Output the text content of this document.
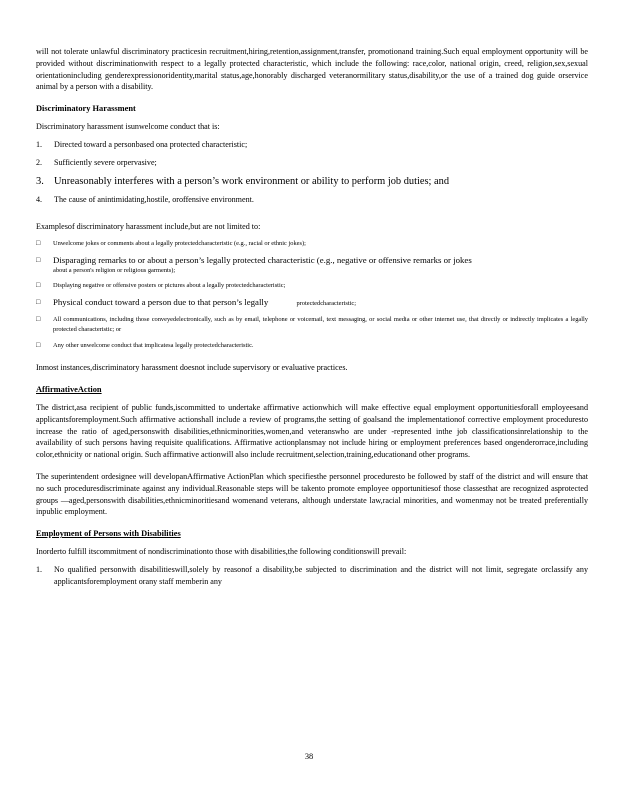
will not tolerate unlawful discriminatory practicesin recruitment,hiring,retention,assignment,transfer, promotionand training.Such equal employment opportunity will be provided without discriminationwith respect to a legally protected characteristic, which include the following: race,color, national origin, creed, religion,sex,sexual orientationincluding genderexpressionoridentity,marital status,age,honorably discharged veteranormilitary status,disability,or the use of a trained dog guide orservice animal by a person with a disability.

Discriminatory Harassment

Discriminatory harassment isunwelcome conduct that is:

1.	Directed toward a personbased ona protected characteristic;
2.	Sufficiently severe orpervasive;
3. Unreasonably interferes with a person’s work environment or ability to perform job duties; and
4.	The cause of anintimidating,hostile, oroffensive environment.

Examplesof discriminatory harassment include,but are not limited to:

□	Unwelcome jokes or comments about a legally protectedcharacteristic (e.g., racial or ethnic jokes);
□	Disparaging remarks to or about a person’s legally protected characteristic (e.g., negative or offensive remarks or jokes
about a person's religion or religious garments);
□	Displaying negative or offensive posters or pictures about a legally protectedcharacteristic;
□	Physical conduct toward a person due to that person’s legally	protectedcharacteristic;
□	All communications, including those conveyedelectronically, such as by email, telephone or voicemail, text messaging, or social media or other internet use, that directly or indirectly implicates a legally protected characteristic; or
□	Any other unwelcome conduct that implicatesa legally protectedcharacteristic.

Inmost instances,discriminatory harassment doesnot include supervisory or evaluative practices.

AffirmativeAction

The district,asa recipient of public funds,iscommitted to undertake affirmative actionwhich will make effective equal employment opportunitiesforall employeesand applicantsforemployment.Such affirmative actionshall include a review of programs,the setting of goalsand the implementationof corrective employment proceduresto increase the ratio of aged,personswith disabilities,ethnicminorities,women,and veteranswho are under -represented inthe job classificationsinrelationship to the availability of such persons having requisite qualifications. Affirmative actionplansmay not include hiring or employment preferences based ongenderorrace,including color,ethnicity or national origin. Such affirmative actionwill also include recruitment,selection,training,educationand other programs.

The superintendent ordesignee will developanAffirmative ActionPlan which specifiesthe personnel proceduresto be followed by staff of the district and will ensure that no such proceduresdiscriminate against any individual.Reasonable steps will be takento promote employee opportunitiesof those classesthat are recognized asprotected groups —aged,personswith disabilities,ethnicminoritiesand womenand veterans, although understate law,racial minorities, and womenmay not be treated preferentially inpublic employment.

Employment of Persons with Disabilities

Inorderto fulfill itscommitment of nondiscriminationto those with disabilities,the following conditionswill prevail:

1.	No qualified personwith disabilitieswill,solely by reasonof a disability,be subjected to discrimination and the district will not limit, segregate orclassify any applicantsforemployment orany staff memberin any
38
